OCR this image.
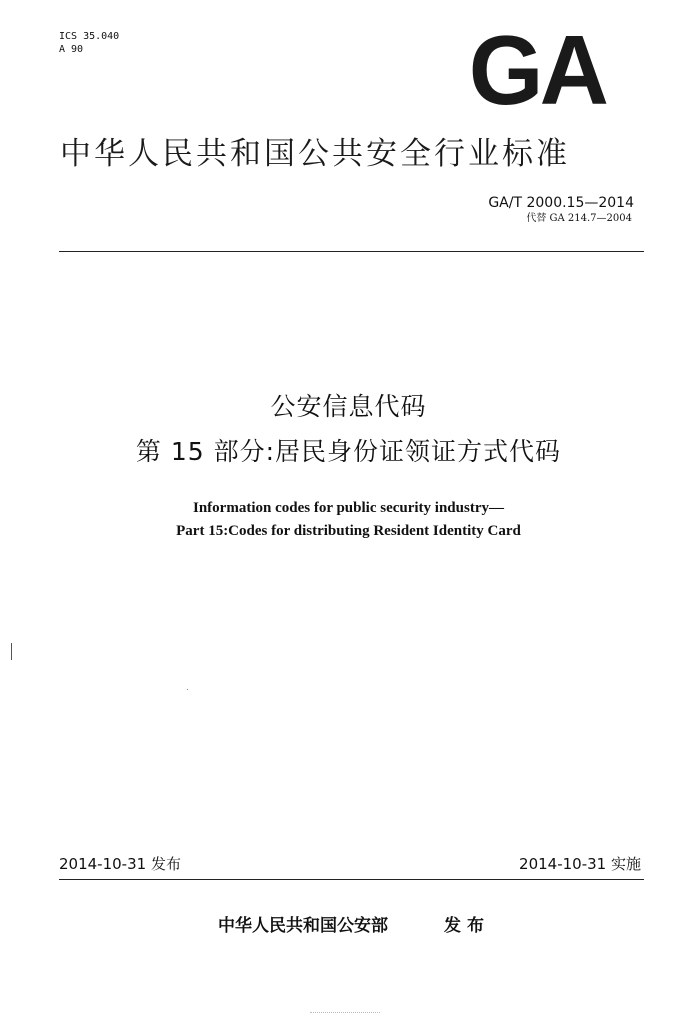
ICS 35.040
A 90	GA
中华人民共和国公共安全行业标准
GA/T 2000.15—2014
代替 GA 214.7—2004
公安信息代码
第 15 部分:居民身份证领证方式代码
Information codes for public security industry—
Part 15:Codes for distributing Resident Identity Card
2014-10-31 发布	2014-10-31 实施
中华人民共和国公安部	发布
